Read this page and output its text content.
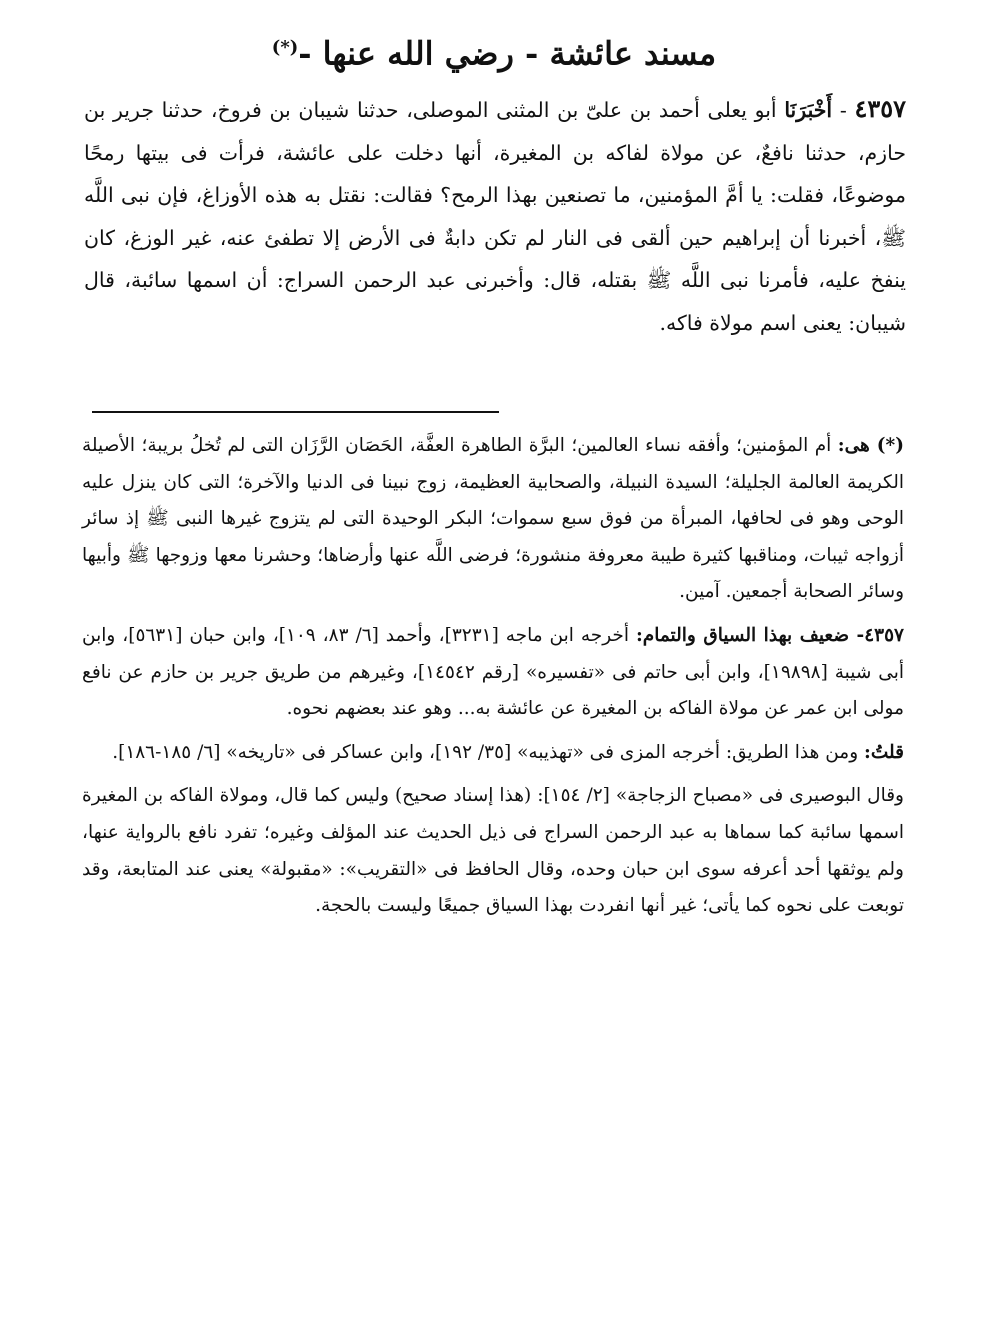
مسند عائشة - رضي الله عنها -(*)
٤٣٥٧ - أَخْبَرَنَا أبو يعلى أحمد بن علىّ بن المثنى الموصلى، حدثنا شيبان بن فروخ، حدثنا جرير بن حازم، حدثنا نافعٌ، عن مولاة لفاكه بن المغيرة، أنها دخلت على عائشة، فرأت فى بيتها رمحًا موضوعًا، فقلت: يا أمَّ المؤمنين، ما تصنعين بهذا الرمح؟ فقالت: نقتل به هذه الأوزاغ، فإن نبى اللَّه ﷺ، أخبرنا أن إبراهيم حين ألقى فى النار لم تكن دابةٌ فى الأرض إلا تطفئ عنه، غير الوزغ، كان ينفخ عليه، فأمرنا نبى اللَّه ﷺ بقتله، قال: وأخبرنى عبد الرحمن السراج: أن اسمها سائبة، قال شيبان: يعنى اسم مولاة فاكه.

(*) هى: أم المؤمنين؛ وأفقه نساء العالمين؛ البرَّة الطاهرة العفَّة، الحَصَان الرَّزَان التى لم تُخلُ بريبة؛ الأصيلة الكريمة العالمة الجليلة؛ السيدة النبيلة، والصحابية العظيمة، زوج نبينا فى الدنيا والآخرة؛ التى كان ينزل عليه الوحى وهو فى لحافها، المبرأة من فوق سبع سموات؛ البكر الوحيدة التى لم يتزوج غيرها النبى ﷺ إذ سائر أزواجه ثيبات، ومناقبها كثيرة طيبة معروفة منشورة؛ فرضى اللَّه عنها وأرضاها؛ وحشرنا معها وزوجها ﷺ وأبيها وسائر الصحابة أجمعين. آمين.

٤٣٥٧- ضعيف بهذا السياق والتمام: أخرجه ابن ماجه [٣٢٣١]، وأحمد [٦/ ٨٣، ١٠٩]، وابن حبان [٥٦٣١]، وابن أبى شيبة [١٩٨٩٨]، وابن أبى حاتم فى «تفسيره» [رقم ١٤٥٤٢]، وغيرهم من طريق جرير بن حازم عن نافع مولى ابن عمر عن مولاة الفاكه بن المغيرة عن عائشة به... وهو عند بعضهم نحوه.

قلتُ: ومن هذا الطريق: أخرجه المزى فى «تهذيبه» [٣٥/ ١٩٢]، وابن عساكر فى «تاريخه» [٦/ ١٨٥-١٨٦].

وقال البوصيرى فى «مصباح الزجاجة» [٢/ ١٥٤]: (هذا إسناد صحيح) وليس كما قال، ومولاة الفاكه بن المغيرة اسمها سائبة كما سماها به عبد الرحمن السراج فى ذيل الحديث عند المؤلف وغيره؛ تفرد نافع بالرواية عنها، ولم يوثقها أحد أعرفه سوى ابن حبان وحده، وقال الحافظ فى «التقريب»: «مقبولة» يعنى عند المتابعة، وقد توبعت على نحوه كما يأتى؛ غير أنها انفردت بهذا السياق جميعًا وليست بالحجة.
